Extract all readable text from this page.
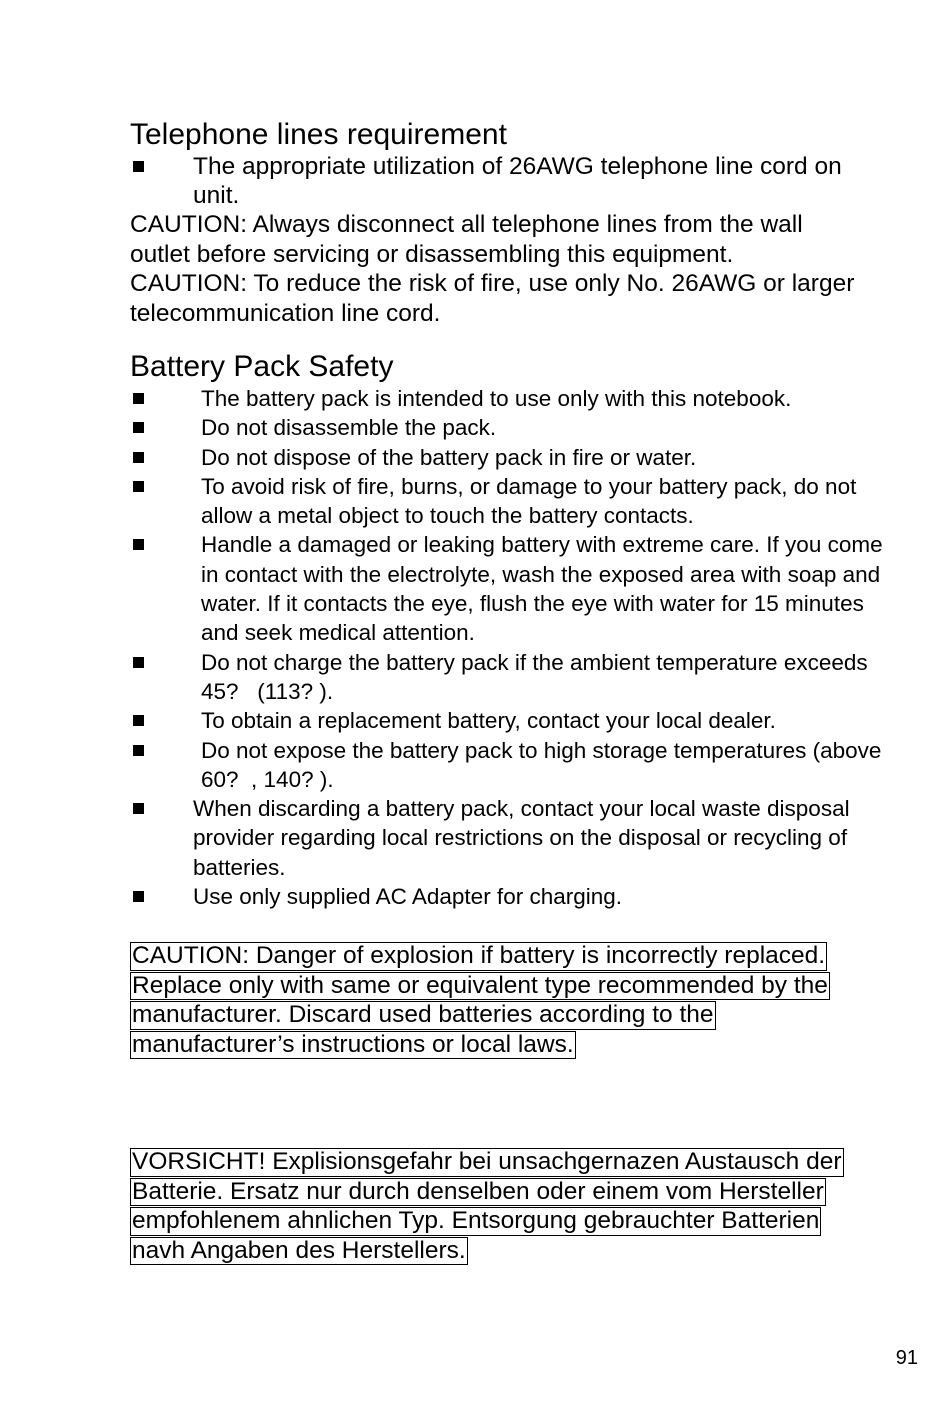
Telephone lines requirement
The appropriate utilization of 26AWG telephone line cord on
unit.

CAUTION: Always disconnect all telephone lines from the wall
outlet before servicing or disassembling this equipment.

CAUTION: To reduce the risk of fire, use only No. 26AWG or larger
telecommunication line cord.

Battery Pack Safety
The battery pack is intended to use only with this notebook.
Do not disassemble the pack.
Do not dispose of the battery pack in fire or water.
To avoid risk of fire, burns, or damage to your battery pack, do not
allow a metal object to touch the battery contacts.
Handle a damaged or leaking battery with extreme care. If you come
in contact with the electrolyte, wash the exposed area with soap and
water. If it contacts the eye, flush the eye with water for 15 minutes
and seek medical attention.
Do not charge the battery pack if the ambient temperature exceeds
45?   (113? ).
To obtain a replacement battery, contact your local dealer.
Do not expose the battery pack to high storage temperatures (above
60?  , 140? ).
When discarding a battery pack, contact your local waste disposal
provider regarding local restrictions on the disposal or recycling of
batteries.
Use only supplied AC Adapter for charging.
CAUTION: Danger of explosion if battery is incorrectly replaced.
Replace only with same or equivalent type recommended by the
manufacturer. Discard used batteries according to the
manufacturer’s instructions or local laws.
VORSICHT! Explisionsgefahr bei unsachgernazen Austausch der
Batterie. Ersatz nur durch denselben oder einem vom Hersteller
empfohlenem ahnlichen Typ. Entsorgung gebrauchter Batterien
navh Angaben des Herstellers.
91
